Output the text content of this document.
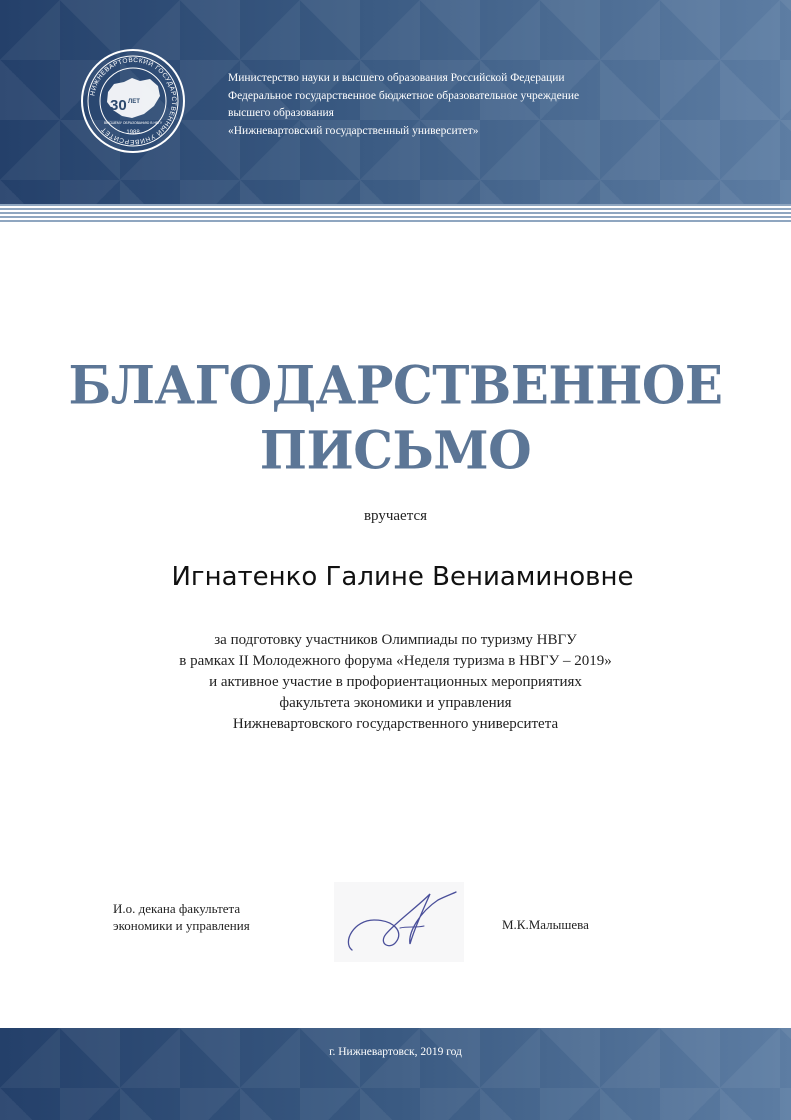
НИЖНЕВАРТОВСКИЙ ГОСУДАРСТВЕННЫЙ УНИВЕРСИТЕТ
30 ЛЕТ
ВЫСШЕМУ ОБРАЗОВАНИЮ В НВГУ
1988
Министерство науки и высшего образования Российской Федерации
Федеральное государственное бюджетное образовательное учреждение
высшего образования
«Нижневартовский государственный университет»
БЛАГОДАРСТВЕННОЕ
ПИСЬМО
вручается
Игнатенко Галине Вениаминовне
за подготовку участников Олимпиады по туризму НВГУ
в рамках II Молодежного форума «Неделя туризма в НВГУ – 2019»
и активное участие в профориентационных мероприятиях
факультета экономики и управления
Нижневартовского государственного университета
И.о. декана факультета
экономики и управления	М.К.Малышева
г. Нижневартовск, 2019 год
